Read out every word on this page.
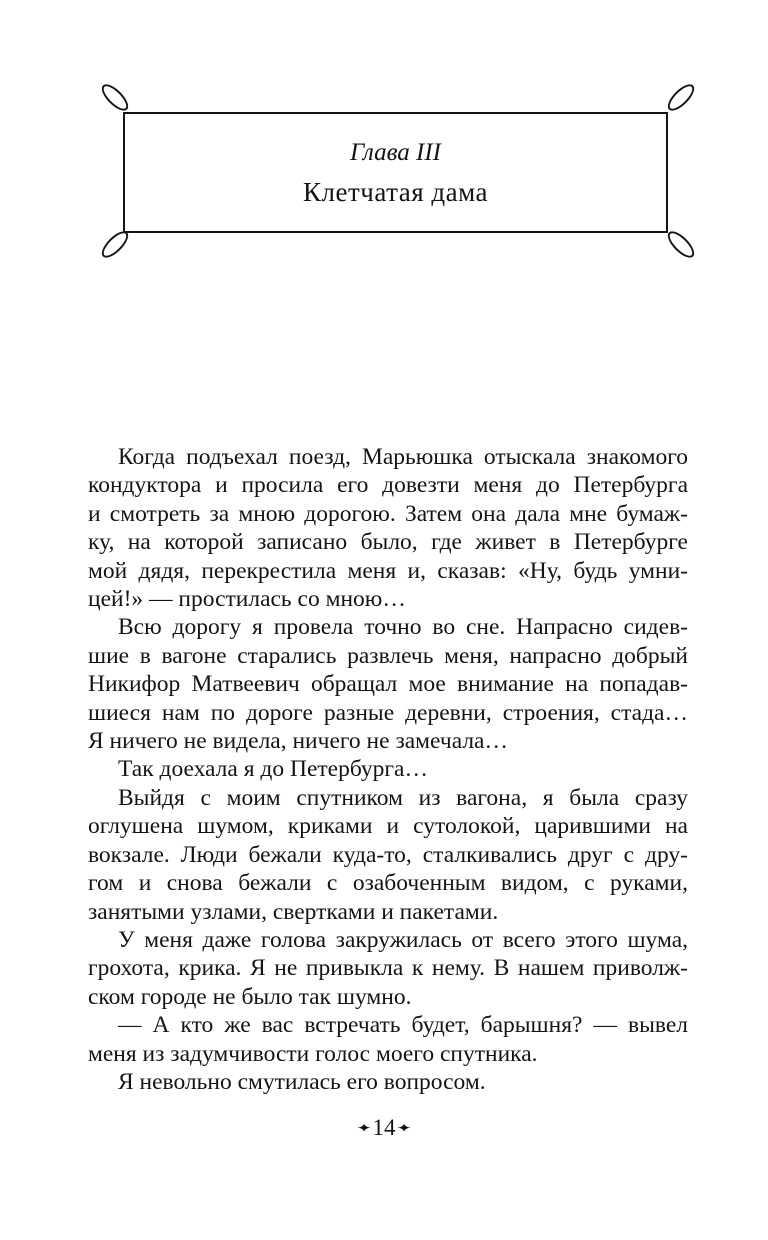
Глава III
Клетчатая дама
Когда подъехал поезд, Марьюшка отыскала знакомого
кондуктора и просила его довезти меня до Петербурга
и смотреть за мною дорогою. Затем она дала мне бумаж-
ку, на которой записано было, где живет в Петербурге
мой дядя, перекрестила меня и, сказав: «Ну, будь умни-
цей!» — простилась со мною…
Всю дорогу я провела точно во сне. Напрасно сидев-
шие в вагоне старались развлечь меня, напрасно добрый
Никифор Матвеевич обращал мое внимание на попадав-
шиеся нам по дороге разные деревни, строения, стада…
Я ничего не видела, ничего не замечала…
Так доехала я до Петербурга…
Выйдя с моим спутником из вагона, я была сразу
оглушена шумом, криками и сутолокой, царившими на
вокзале. Люди бежали куда-то, сталкивались друг с дру-
гом и снова бежали с озабоченным видом, с руками,
занятыми узлами, свертками и пакетами.
У меня даже голова закружилась от всего этого шума,
грохота, крика. Я не привыкла к нему. В нашем приволж-
ском городе не было так шумно.
— А кто же вас встречать будет, барышня? — вывел
меня из задумчивости голос моего спутника.
Я невольно смутилась его вопросом.
✦14✦
